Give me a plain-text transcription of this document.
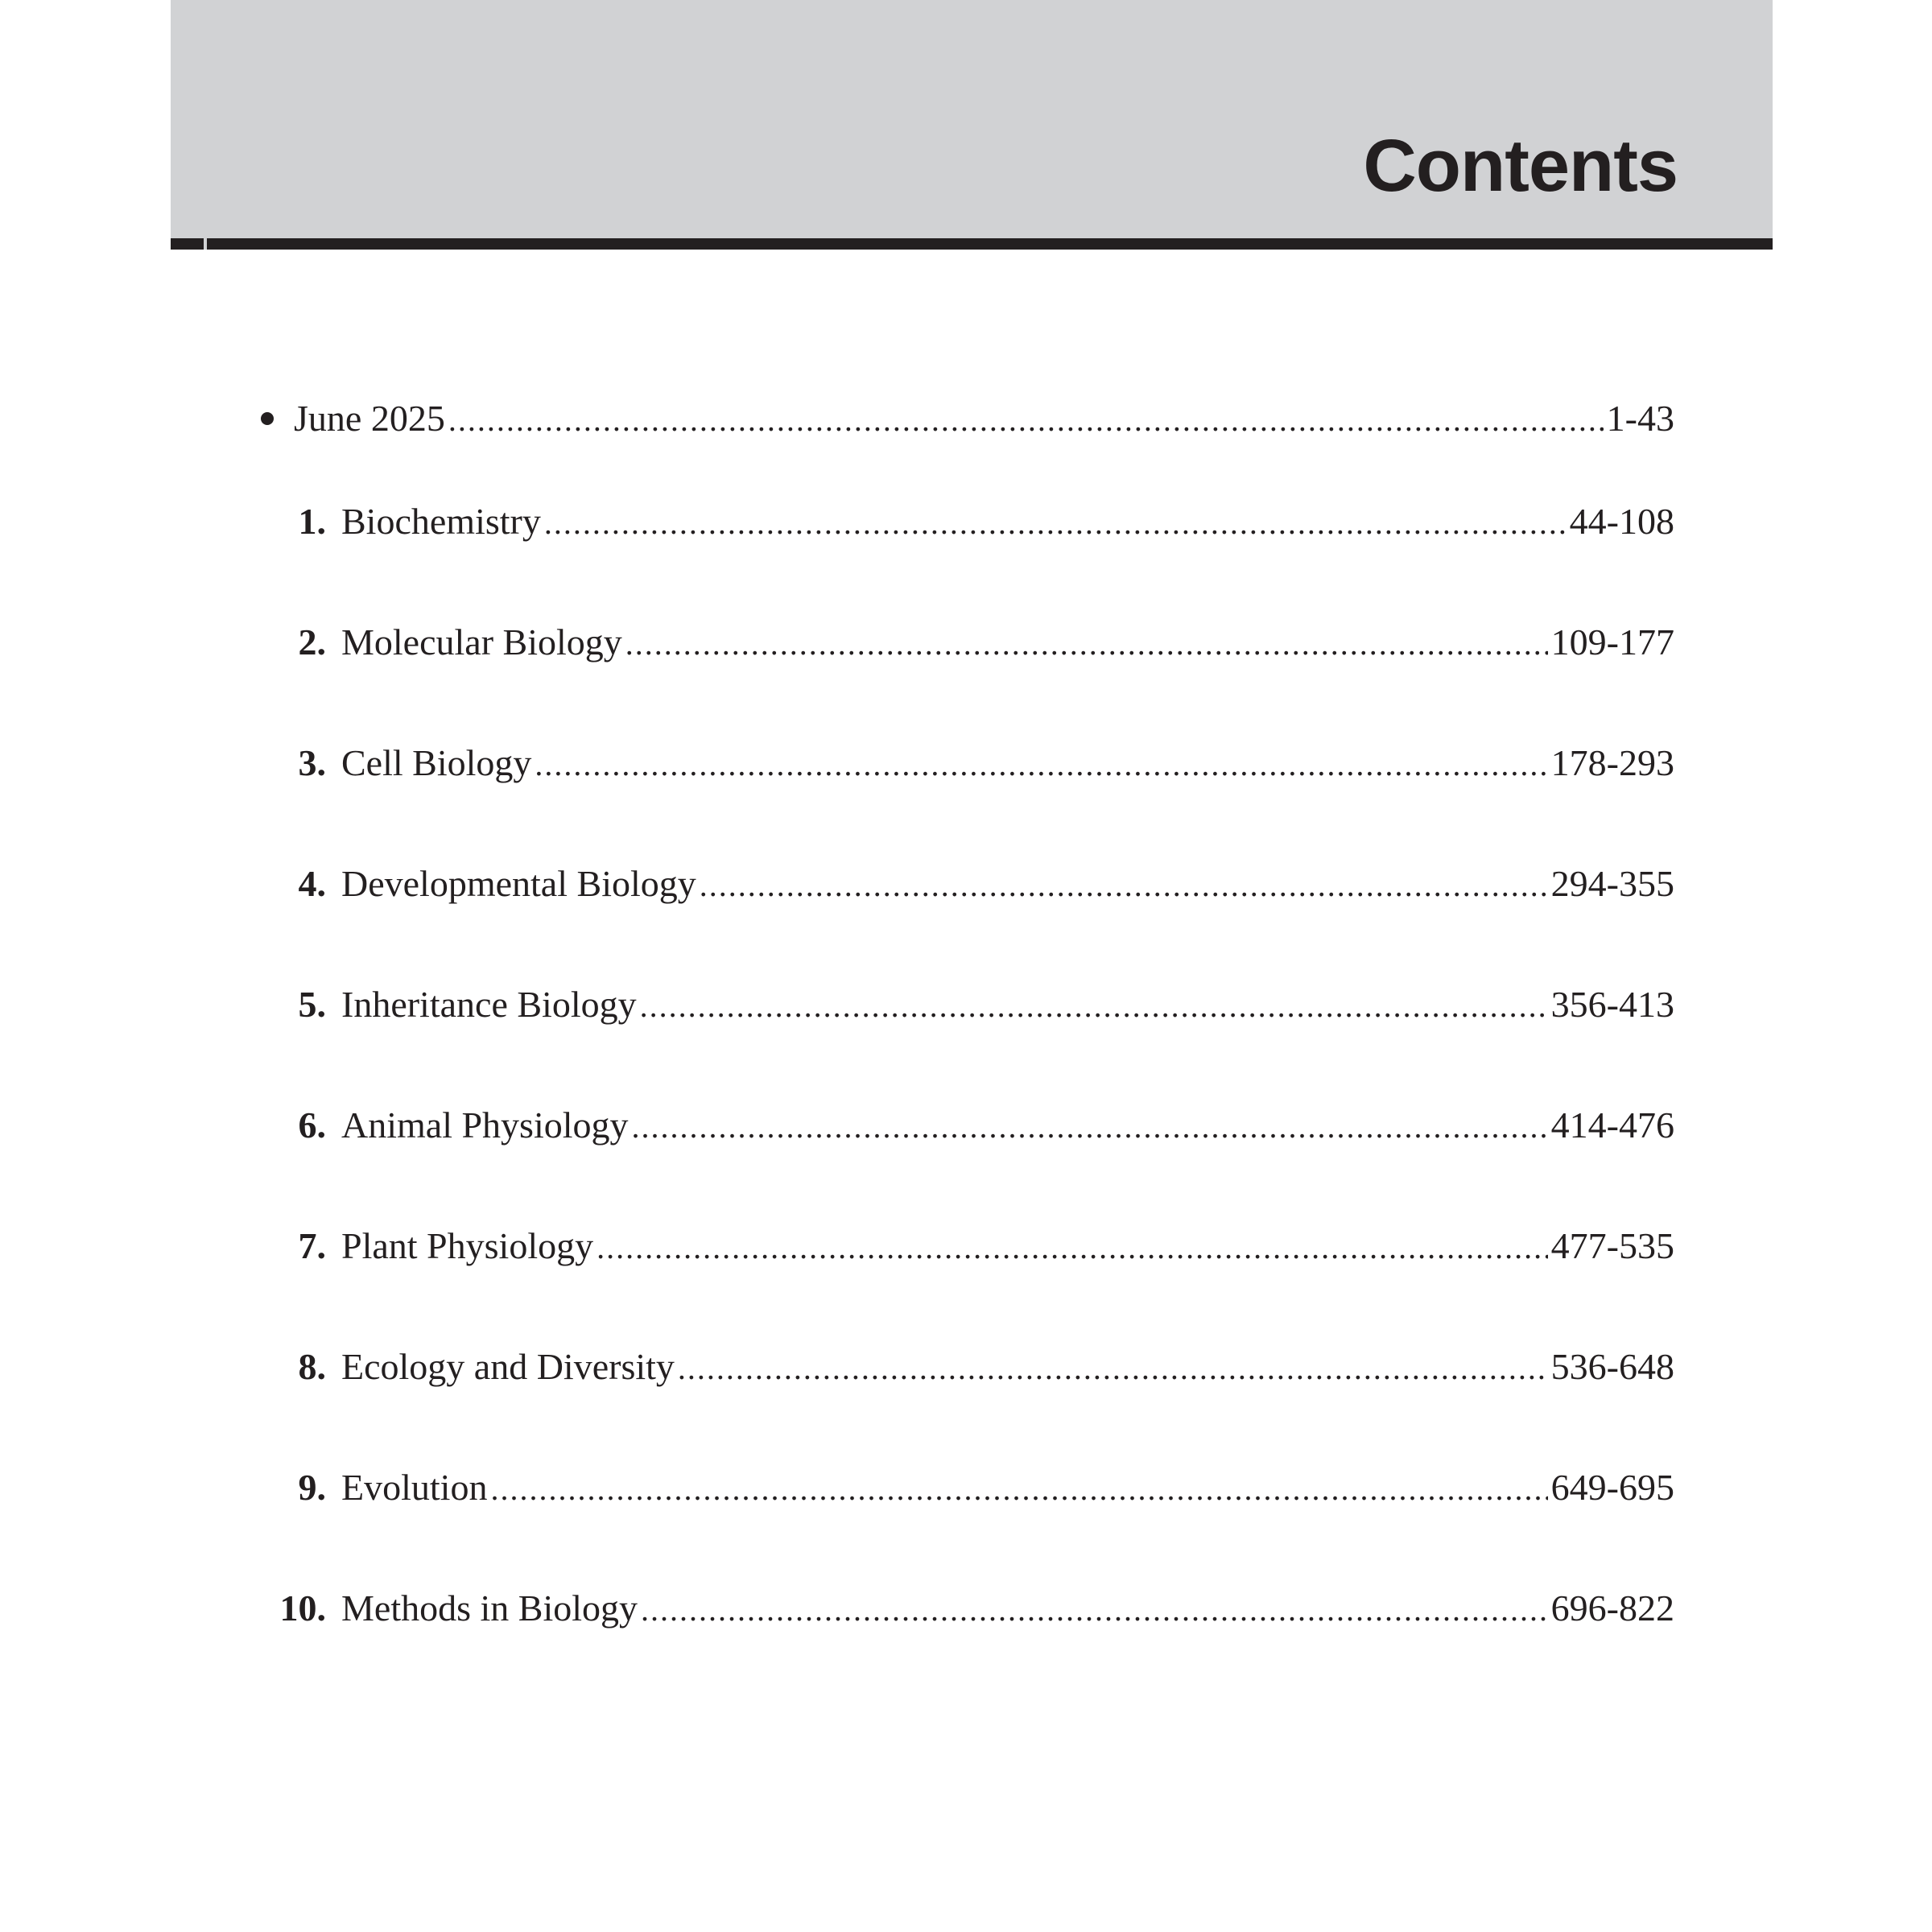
Contents
June 2025 .....	1-43
1. Biochemistry .....	44-108
2. Molecular Biology .....	109-177
3. Cell Biology .....	178-293
4. Developmental Biology .....	294-355
5. Inheritance Biology .....	356-413
6. Animal Physiology .....	414-476
7. Plant Physiology .....	477-535
8. Ecology and Diversity .....	536-648
9. Evolution .....	649-695
10. Methods in Biology .....	696-822
